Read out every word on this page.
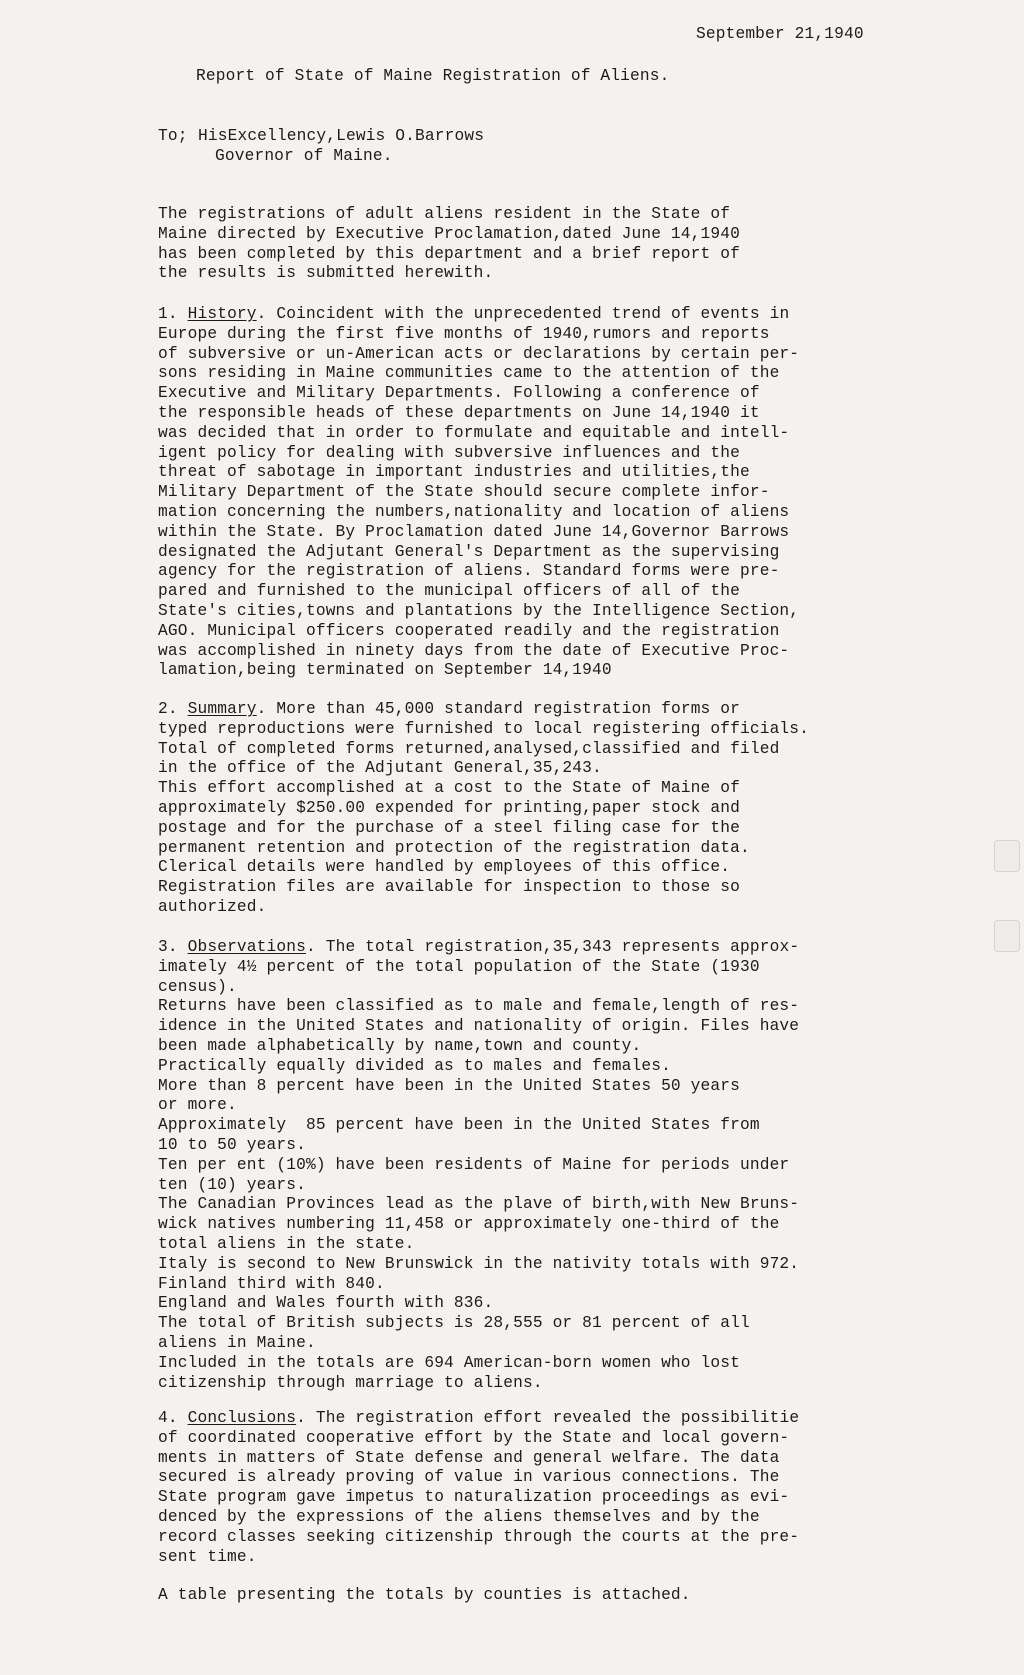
September 21,1940
Report of State of Maine Registration of Aliens.
To; HisExcellency,Lewis O.Barrows
Governor of Maine.
The registrations of adult aliens resident in the State of
Maine directed by Executive Proclamation,dated June 14,1940
has been completed by this department and a brief report of
the results is submitted herewith.
1. History. Coincident with the unprecedented trend of events in
Europe during the first five months of 1940,rumors and reports
of subversive or un-American acts or declarations by certain per-
sons residing in Maine communities came to the attention of the
Executive and Military Departments. Following a conference of
the responsible heads of these departments on June 14,1940 it
was decided that in order to formulate and equitable and intell-
igent policy for dealing with subversive influences and the
threat of sabotage in important industries and utilities,the
Military Department of the State should secure complete infor-
mation concerning the numbers,nationality and location of aliens
within the State. By Proclamation dated June 14,Governor Barrows
designated the Adjutant General's Department as the supervising
agency for the registration of aliens. Standard forms were pre-
pared and furnished to the municipal officers of all of the
State's cities,towns and plantations by the Intelligence Section,
AGO. Municipal officers cooperated readily and the registration
was accomplished in ninety days from the date of Executive Proc-
lamation,being terminated on September 14,1940
2. Summary. More than 45,000 standard registration forms or
typed reproductions were furnished to local registering officials.
Total of completed forms returned,analysed,classified and filed
in the office of the Adjutant General,35,243.
This effort accomplished at a cost to the State of Maine of
approximately $250.00 expended for printing,paper stock and
postage and for the purchase of a steel filing case for the
permanent retention and protection of the registration data.
Clerical details were handled by employees of this office.
Registration files are available for inspection to those so
authorized.
3. Observations. The total registration,35,343 represents approx-
imately 4½ percent of the total population of the State (1930
census).
Returns have been classified as to male and female,length of res-
idence in the United States and nationality of origin. Files have
been made alphabetically by name,town and county.
Practically equally divided as to males and females.
More than 8 percent have been in the United States 50 years
or more.
Approximately  85 percent have been in the United States from
10 to 50 years.
Ten per ent (10%) have been residents of Maine for periods under
ten (10) years.
The Canadian Provinces lead as the plave of birth,with New Bruns-
wick natives numbering 11,458 or approximately one-third of the
total aliens in the state.
Italy is second to New Brunswick in the nativity totals with 972.
Finland third with 840.
England and Wales fourth with 836.
The total of British subjects is 28,555 or 81 percent of all
aliens in Maine.
Included in the totals are 694 American-born women who lost
citizenship through marriage to aliens.
4. Conclusions. The registration effort revealed the possibilitie
of coordinated cooperative effort by the State and local govern-
ments in matters of State defense and general welfare. The data
secured is already proving of value in various connections. The
State program gave impetus to naturalization proceedings as evi-
denced by the expressions of the aliens themselves and by the
record classes seeking citizenship through the courts at the pre-
sent time.
A table presenting the totals by counties is attached.
